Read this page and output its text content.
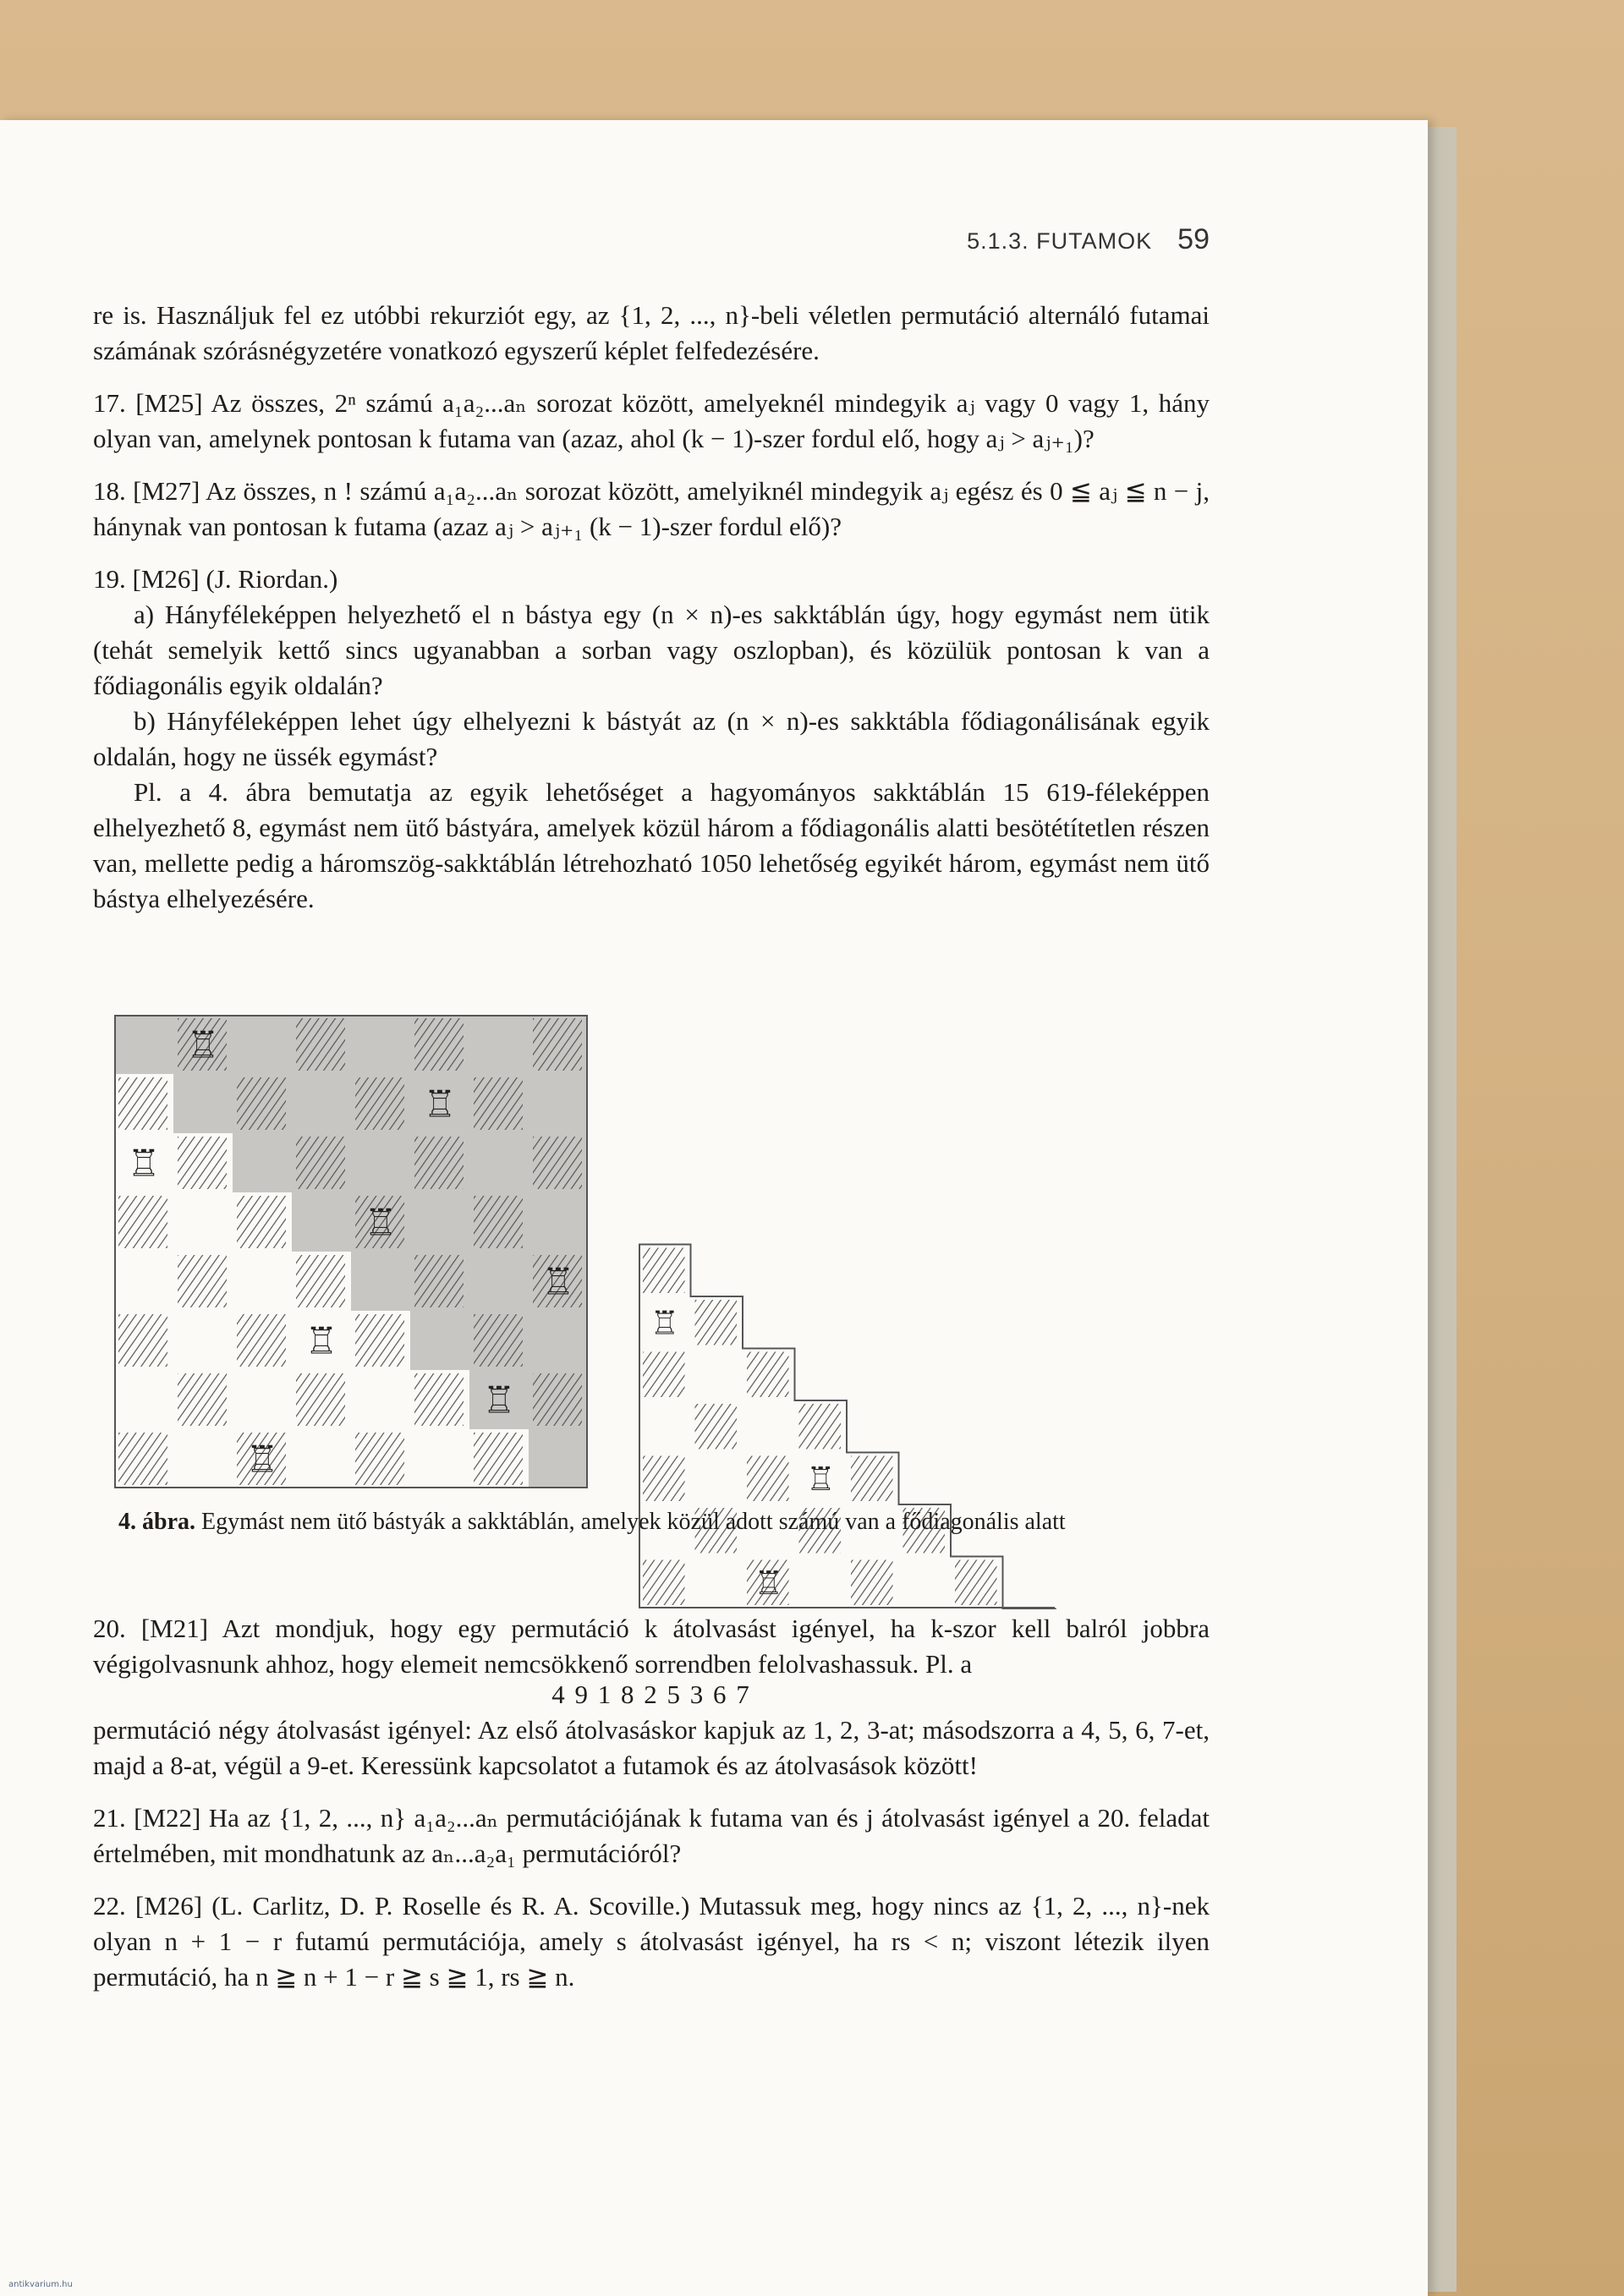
5.1.3. FUTAMOK 59

re is. Használjuk fel ez utóbbi rekurziót egy, az {1, 2, ..., n}-beli véletlen permutáció alternáló futamai számának szórásnégyzetére vonatkozó egyszerű képlet felfedezésére.

17. [M25] Az összes, 2ⁿ számú a₁a₂...aₙ sorozat között, amelyeknél mindegyik aⱼ vagy 0 vagy 1, hány olyan van, amelynek pontosan k futama van (azaz, ahol (k − 1)-szer fordul elő, hogy aⱼ > aⱼ₊₁)?

18. [M27] Az összes, n ! számú a₁a₂...aₙ sorozat között, amelyiknél mindegyik aⱼ egész és 0 ≦ aⱼ ≦ n − j, hánynak van pontosan k futama (azaz aⱼ > aⱼ₊₁ (k − 1)-szer fordul elő)?

19. [M26] (J. Riordan.)

a) Hányféleképpen helyezhető el n bástya egy (n × n)-es sakktáblán úgy, hogy egymást nem ütik (tehát semelyik kettő sincs ugyanabban a sorban vagy oszlopban), és közülük pontosan k van a fődiagonális egyik oldalán?

b) Hányféleképpen lehet úgy elhelyezni k bástyát az (n × n)-es sakktábla fődiagonálisának egyik oldalán, hogy ne üssék egymást?

Pl. a 4. ábra bemutatja az egyik lehetőséget a hagyományos sakktáblán 15 619-féleképpen elhelyezhető 8, egymást nem ütő bástyára, amelyek közül három a fődiagonális alatti besötétítetlen részen van, mellette pedig a háromszög-sakktáblán létrehozható 1050 lehetőség egyikét három, egymást nem ütő bástya elhelyezésére.

♖
♖
♖
♖
♖
♖
♖
♖
♖
♖
♖
4. ábra. Egymást nem ütő bástyák a sakktáblán, amelyek közül adott számú van a fődiagonális alatt

20. [M21] Azt mondjuk, hogy egy permutáció k átolvasást igényel, ha k-szor kell balról jobbra végigolvasnunk ahhoz, hogy elemeit nemcsökkenő sorrendben felolvashassuk. Pl. a

4 9 1 8 2 5 3 6 7

permutáció négy átolvasást igényel: Az első átolvasáskor kapjuk az 1, 2, 3-at; másodszorra a 4, 5, 6, 7-et, majd a 8-at, végül a 9-et. Keressünk kapcsolatot a futamok és az átolvasások között!

21. [M22] Ha az {1, 2, ..., n} a₁a₂...aₙ permutációjának k futama van és j átolvasást igényel a 20. feladat értelmében, mit mondhatunk az aₙ...a₂a₁ permutációról?

22. [M26] (L. Carlitz, D. P. Roselle és R. A. Scoville.) Mutassuk meg, hogy nincs az {1, 2, ..., n}-nek olyan n + 1 − r futamú permutációja, amely s átolvasást igényel, ha rs < n; viszont létezik ilyen permutáció, ha n ≧ n + 1 − r ≧ s ≧ 1, rs ≧ n.

antikvarium.hu
